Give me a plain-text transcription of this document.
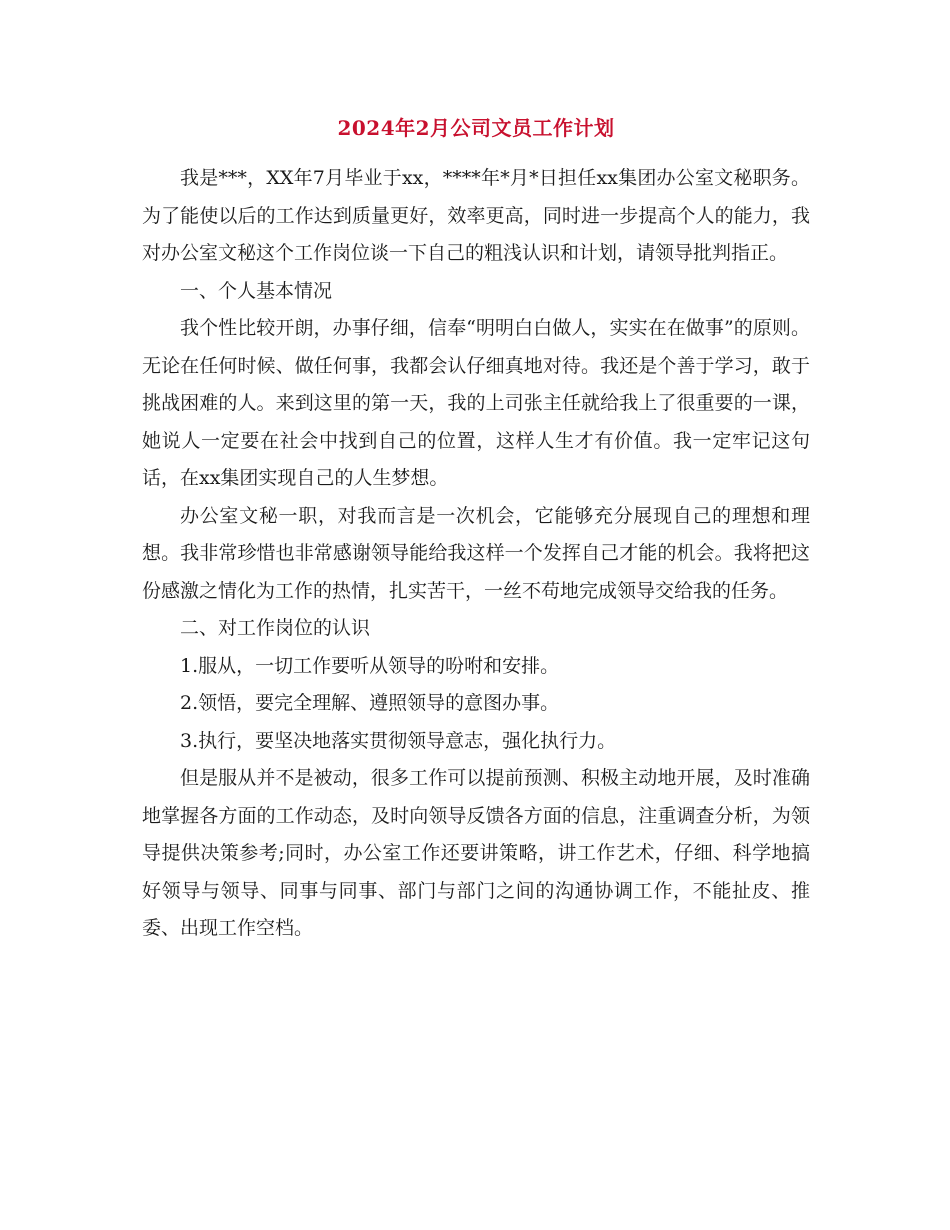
2024年2月公司文员工作计划

我是***，XX年7月毕业于xx，****年*月*日担任xx集团办公室文秘职务。为了能使以后的工作达到质量更好，效率更高，同时进一步提高个人的能力，我对办公室文秘这个工作岗位谈一下自己的粗浅认识和计划，请领导批判指正。

一、个人基本情况

我个性比较开朗，办事仔细，信奉“明明白白做人，实实在在做事”的原则。无论在任何时候、做任何事，我都会认仔细真地对待。我还是个善于学习，敢于挑战困难的人。来到这里的第一天，我的上司张主任就给我上了很重要的一课，她说人一定要在社会中找到自己的位置，这样人生才有价值。我一定牢记这句话，在xx集团实现自己的人生梦想。

办公室文秘一职，对我而言是一次机会，它能够充分展现自己的理想和理想。我非常珍惜也非常感谢领导能给我这样一个发挥自己才能的机会。我将把这份感激之情化为工作的热情，扎实苦干，一丝不苟地完成领导交给我的任务。

二、对工作岗位的认识

1.服从，一切工作要听从领导的吩咐和安排。

2.领悟，要完全理解、遵照领导的意图办事。

3.执行，要坚决地落实贯彻领导意志，强化执行力。

但是服从并不是被动，很多工作可以提前预测、积极主动地开展，及时准确地掌握各方面的工作动态，及时向领导反馈各方面的信息，注重调查分析，为领导提供决策参考;同时，办公室工作还要讲策略，讲工作艺术，仔细、科学地搞好领导与领导、同事与同事、部门与部门之间的沟通协调工作，不能扯皮、推委、出现工作空档。
